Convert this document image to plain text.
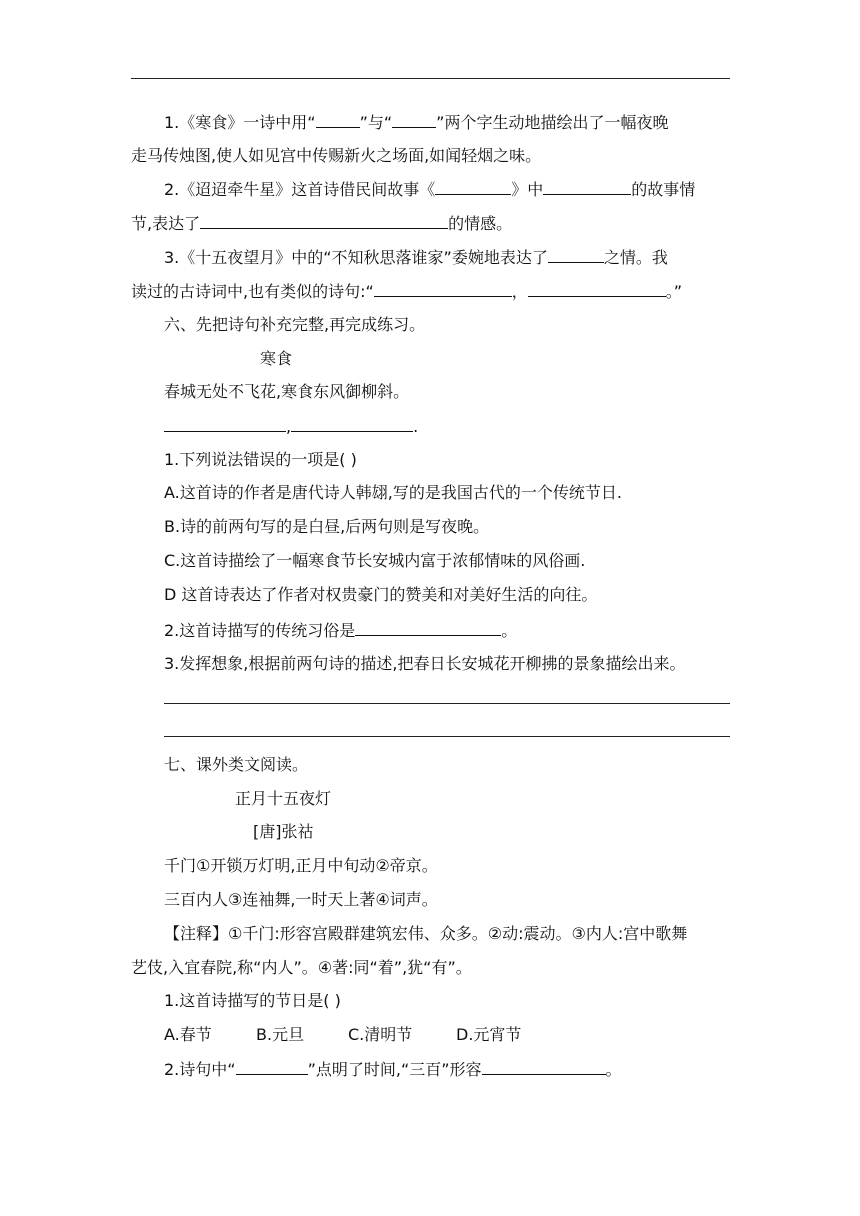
1.《寒食》一诗中用“	”与“	”两个字生动地描绘出了一幅夜晚
走马传烛图,使人如见宫中传赐新火之场面,如闻轻烟之味。
2.《迢迢牵牛星》这首诗借民间故事《	》中	的故事情
节,表达了	的情感。
3.《十五夜望月》中的“不知秋思落谁家”委婉地表达了	之情。我
读过的古诗词中,也有类似的诗句:“	，	。”
六、先把诗句补充完整,再完成练习。
寒食
春城无处不飞花,寒食东风御柳斜。
,	.
1.下列说法错误的一项是( )
A.这首诗的作者是唐代诗人韩翃,写的是我国古代的一个传统节日.
B.诗的前两句写的是白昼,后两句则是写夜晚。
C.这首诗描绘了一幅寒食节长安城内富于浓郁情味的风俗画.
D 这首诗表达了作者对权贵豪门的赞美和对美好生活的向往。
2.这首诗描写的传统习俗是	。
3.发挥想象,根据前两句诗的描述,把春日长安城花开柳拂的景象描绘出来。
七、课外类文阅读。
正月十五夜灯
[唐]张祜
千门①开锁万灯明,正月中旬动②帝京。
三百内人③连袖舞,一时天上著④词声。
【注释】①千门:形容宫殿群建筑宏伟、众多。②动:震动。③内人:宫中歌舞
艺伎,入宜春院,称“内人”。④著:同“着”,犹“有”。
1.这首诗描写的节日是( )
A.春节	B.元旦	C.清明节	D.元宵节
2.诗句中“	”点明了时间,“三百”形容	。
